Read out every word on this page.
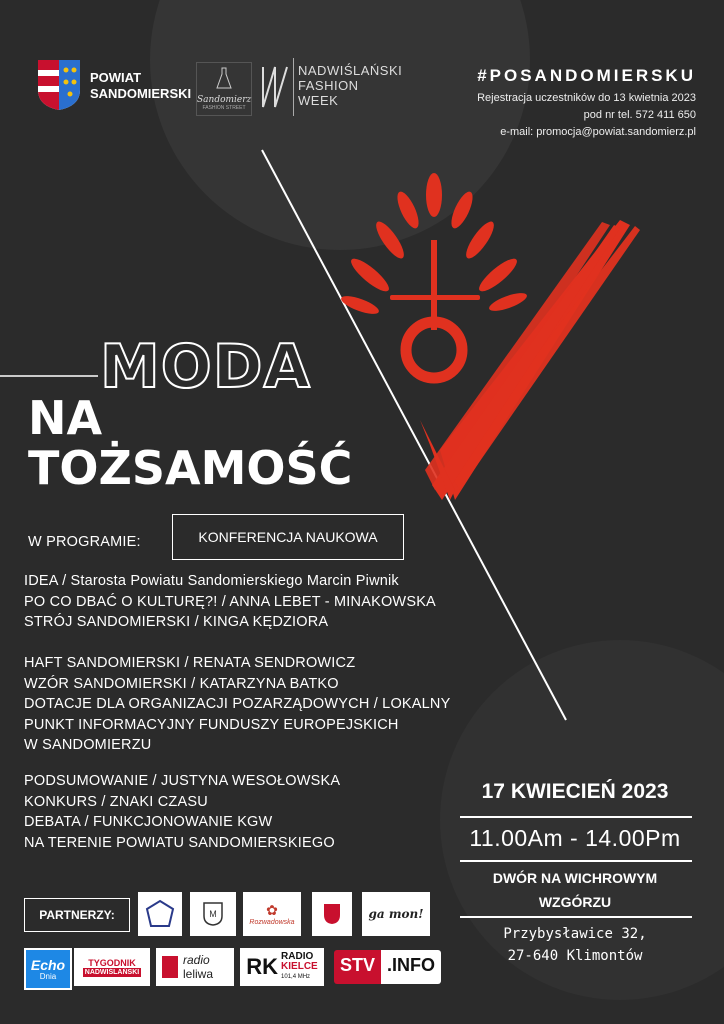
POWIAT
SANDOMIERSKI Sandomierz
FASHION STREET
NADWIŚLAŃSKI
FASHION
WEEK
#POSANDOMIERSKU
Rejestracja uczestników do 13 kwietnia 2023
pod nr tel. 572 411 650
e-mail: promocja@powiat.sandomierz.pl
MODA
NA
TOŻSAMOŚĆ
W PROGRAMIE:	KONFERENCJA NAUKOWA
IDEA / Starosta Powiatu Sandomierskiego Marcin Piwnik
PO CO DBAĆ O KULTURĘ?! / ANNA LEBET - MINAKOWSKA
STRÓJ SANDOMIERSKI / KINGA KĘDZIORA
HAFT SANDOMIERSKI / RENATA SENDROWICZ
WZÓR SANDOMIERSKI / KATARZYNA BATKO
DOTACJE DLA ORGANIZACJI POZARZĄDOWYCH / LOKALNY
PUNKT INFORMACYJNY FUNDUSZY EUROPEJSKICH
W SANDOMIERZU
PODSUMOWANIE / JUSTYNA WESOŁOWSKA
KONKURS / ZNAKI CZASU
DEBATA / FUNKCJONOWANIE KGW
NA TERENIE POWIATU SANDOMIERSKIEGO
17 KWIECIEŃ 2023
11.00Am - 14.00Pm
DWÓR NA WICHROWYM
WZGÓRZU
Przybysławice 32,
27-640 Klimontów
PARTNERZY:	M	✿
Rozwadowska
ga mon!
Echo
Dnia
TYGODNIK
NADWIŚLAŃSKI
radio
leliwa RK RADIO
KIELCE
101,4 MHz
STV .INFO
